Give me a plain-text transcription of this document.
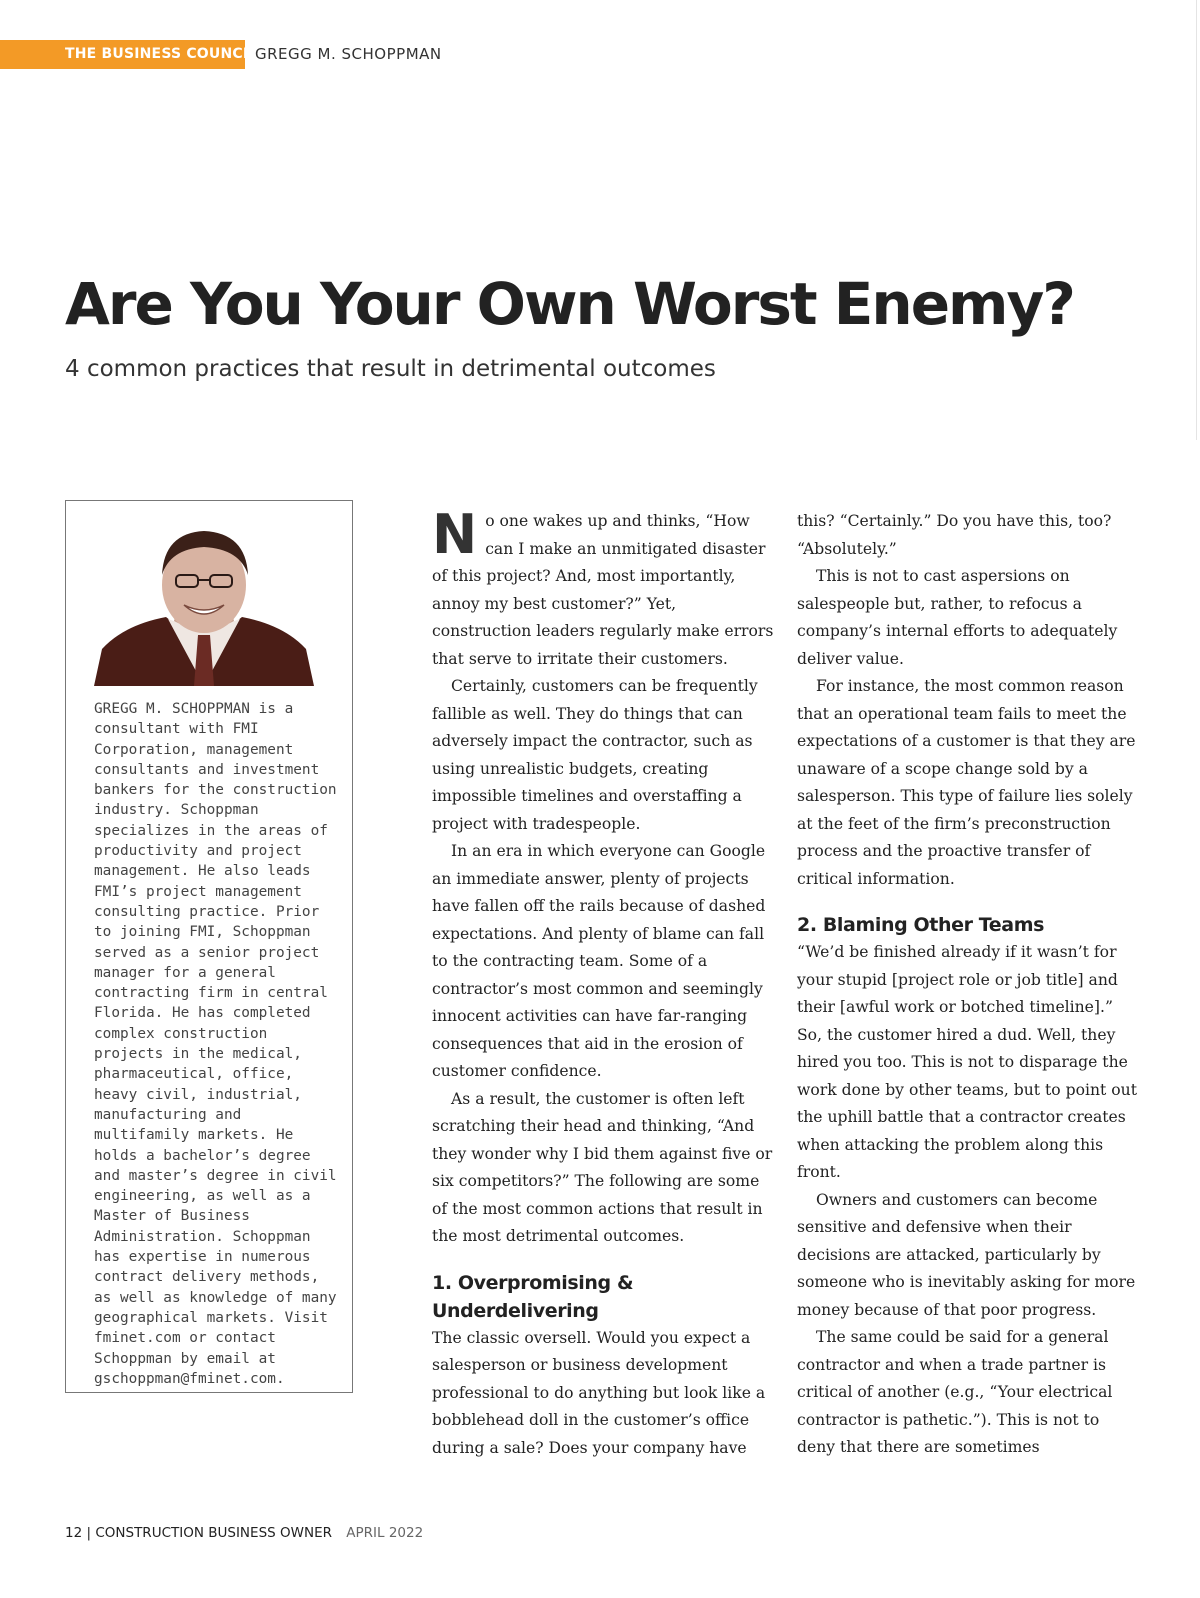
THE BUSINESS COUNCIL
GREGG M. SCHOPPMAN
Are You Your Own Worst Enemy?

4 common practices that result in detrimental outcomes

GREGG M. SCHOPPMAN is a consultant with FMI Corporation, management consultants and investment bankers for the construction industry. Schoppman specializes in the areas of productivity and project management. He also leads FMI’s project management consulting practice. Prior to joining FMI, Schoppman served as a senior project manager for a general contracting firm in central Florida. He has completed complex construction projects in the medical, pharmaceutical, office, heavy civil, industrial, manufacturing and multifamily markets. He holds a bachelor’s degree and master’s degree in civil engineering, as well as a Master of Business Administration. Schoppman has expertise in numerous contract delivery methods, as well as knowledge of many geographical markets. Visit fminet.com or contact Schoppman by email at gschoppman@fminet.com.

No one wakes up and thinks, “How can I make an unmitigated disaster of this project? And, most importantly, annoy my best customer?” Yet, construction leaders regularly make errors that serve to irritate their customers.

Certainly, customers can be frequently fallible as well. They do things that can adversely impact the contractor, such as using unrealistic budgets, creating impossible timelines and overstaffing a project with tradespeople.

In an era in which everyone can Google an immediate answer, plenty of projects have fallen off the rails because of dashed expectations. And plenty of blame can fall to the contracting team. Some of a contractor’s most common and seemingly innocent activities can have far-ranging consequences that aid in the erosion of customer confidence.

As a result, the customer is often left scratching their head and thinking, “And they wonder why I bid them against five or six competitors?” The following are some of the most common actions that result in the most detrimental outcomes.

1. Overpromising & Underdelivering

The classic oversell. Would you expect a salesperson or business development professional to do anything but look like a bobblehead doll in the customer’s office during a sale? Does your company have

this? “Certainly.” Do you have this, too? “Absolutely.”

This is not to cast aspersions on salespeople but, rather, to refocus a company’s internal efforts to adequately deliver value.

For instance, the most common reason that an operational team fails to meet the expectations of a customer is that they are unaware of a scope change sold by a salesperson. This type of failure lies solely at the feet of the firm’s preconstruction process and the proactive transfer of critical information.

2. Blaming Other Teams

“We’d be finished already if it wasn’t for your stupid [project role or job title] and their [awful work or botched timeline].” So, the customer hired a dud. Well, they hired you too. This is not to disparage the work done by other teams, but to point out the uphill battle that a contractor creates when attacking the problem along this front.

Owners and customers can become sensitive and defensive when their decisions are attacked, particularly by someone who is inevitably asking for more money because of that poor progress.

The same could be said for a general contractor and when a trade partner is critical of another (e.g., “Your electrical contractor is pathetic.”). This is not to deny that there are sometimes

12 | CONSTRUCTION BUSINESS OWNER APRIL 2022
